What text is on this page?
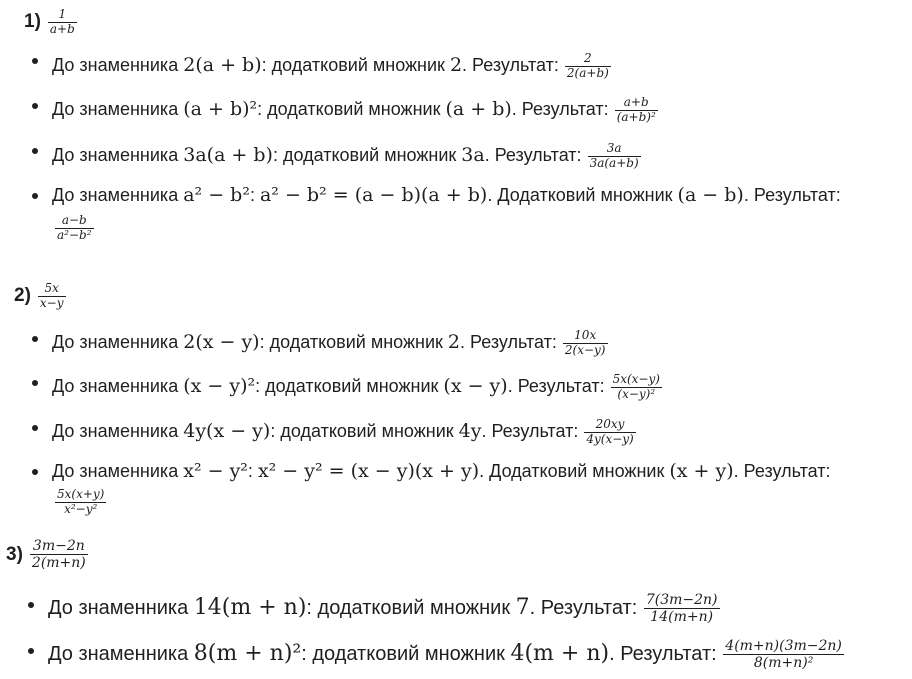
$1) \frac{1}{a+b}$
До знаменника 2(a + b): додатковий множник 2. Результат: $\frac{2}{2(a+b)}$
До знаменника (a + b)²: додатковий множник (a + b). Результат: $\frac{a+b}{\text{(a+b)²}}$
До знаменника 3a(a + b): додатковий множник 3a. Результат: $\frac{3a}{3a(a+b)}$
До знаменника a² − b²: a² − b² = (a − b)(a + b). Додатковий множник (a − b). Результат:
$\frac{a-b}{\text{a²−b²}}$
$2) \frac{5x}{x-y}$
До знаменника 2(x − y): додатковий множник 2. Результат: $\frac{10x}{2(x-y)}$
До знаменника (x − y)²: додатковий множник (x − y). Результат: $\frac{5x(x-y)}{\text{(x−y)²}}$
До знаменника 4y(x − y): додатковий множник 4y. Результат: $\frac{20xy}{4y(x-y)}$
До знаменника x² − y²: x² − y² = (x − y)(x + y). Додатковий множник (x + y). Результат:
$\frac{5x(x+y)}{\text{x²−y²}}$
$3) \frac{3m-2n}{2(m+n)}$
До знаменника 14(m + n): додатковий множник 7. Результат: $\frac{7(3m-2n)}{14(m+n)}$
До знаменника 8(m + n)²: додатковий множник 4(m + n). Результат: $\frac{4(m+n)(3m-2n)}{\text{8(m+n)²}}$
